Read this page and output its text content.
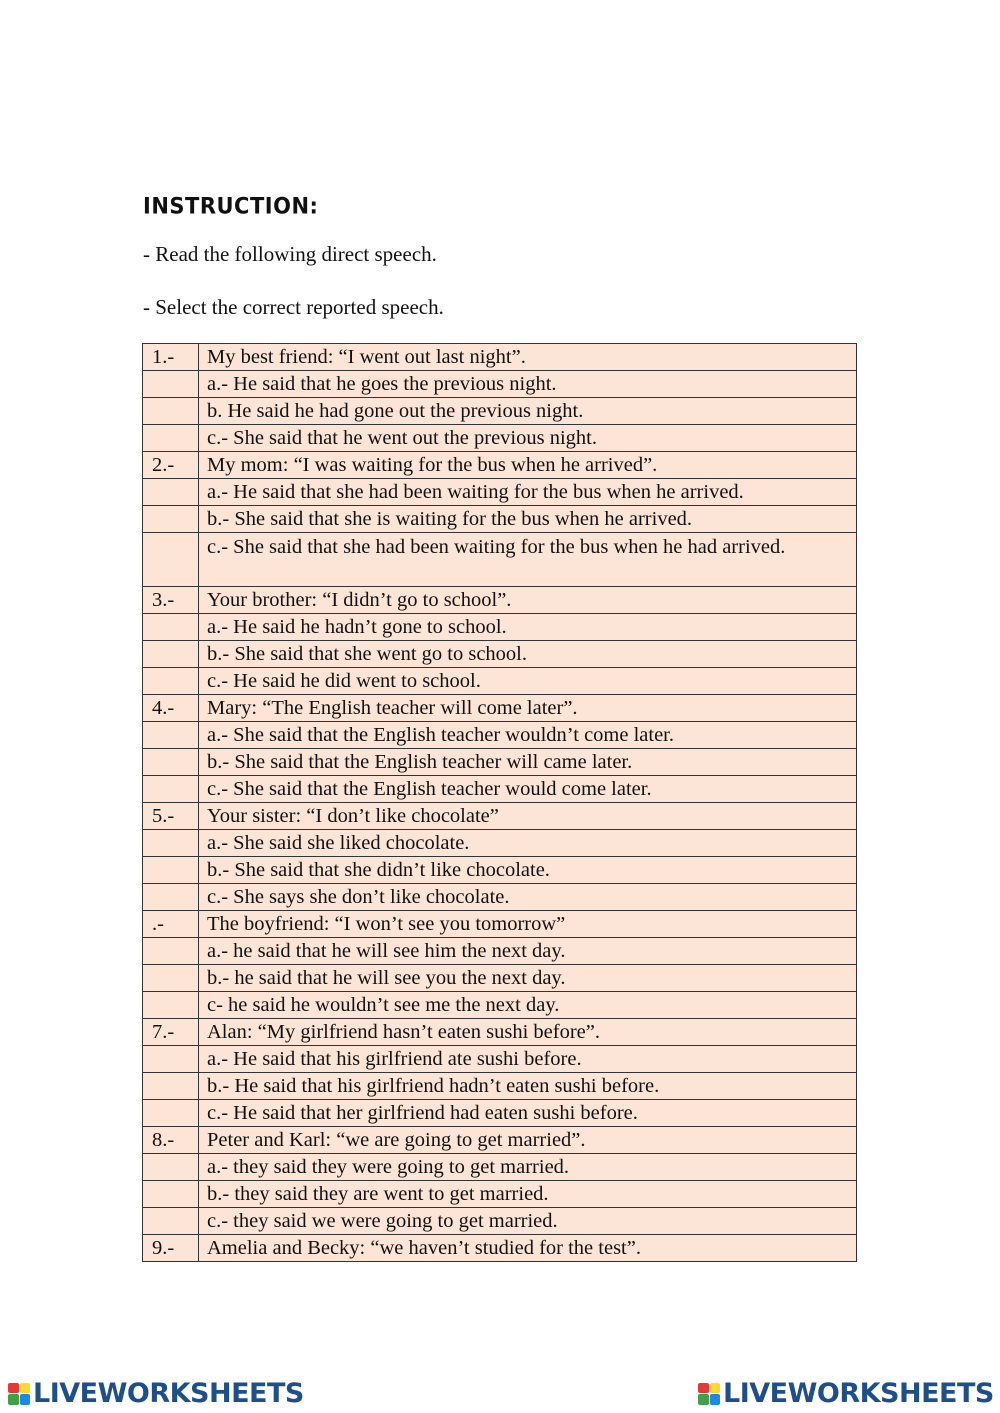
INSTRUCTION:
- Read the following direct speech.
- Select the correct reported speech.
1.-	My best friend: “I went out last night”.
	a.- He said that he goes the previous night.
	b. He said he had gone out the previous night.
	c.- She said that he went out the previous night.
2.-	My mom: “I was waiting for the bus when he arrived”.
	a.- He said that she had been waiting for the bus when he arrived.
	b.- She said that she is waiting for the bus when he arrived.
	c.- She said that she had been waiting for the bus when he had arrived.
3.-	Your brother: “I didn’t go to school”.
	a.- He said he hadn’t gone to school.
	b.- She said that she went go to school.
	c.- He said he did went to school.
4.-	Mary: “The English teacher will come later”.
	a.- She said that the English teacher wouldn’t come later.
	b.- She said that the English teacher will came later.
	c.- She said that the English teacher would come later.
5.-	Your sister: “I don’t like chocolate”
	a.- She said she liked chocolate.
	b.- She said that she didn’t like chocolate.
	c.- She says she don’t like chocolate.
.-	The boyfriend: “I won’t see you tomorrow”
	a.- he said that he will see him the next day.
	b.- he said that he will see you the next day.
	c- he said he wouldn’t see me the next day.
7.-	Alan: “My girlfriend hasn’t eaten sushi before”.
	a.- He said that his girlfriend ate sushi before.
	b.- He said that his girlfriend hadn’t eaten sushi before.
	c.- He said that her girlfriend had eaten sushi before.
8.-	Peter and Karl: “we are going to get married”.
	a.- they said they were going to get married.
	b.- they said they are went to get married.
	c.- they said we were going to get married.
9.-	Amelia and Becky: “we haven’t studied for the test”.
LIVEWORKSHEETS	LIVEWORKSHEETS
